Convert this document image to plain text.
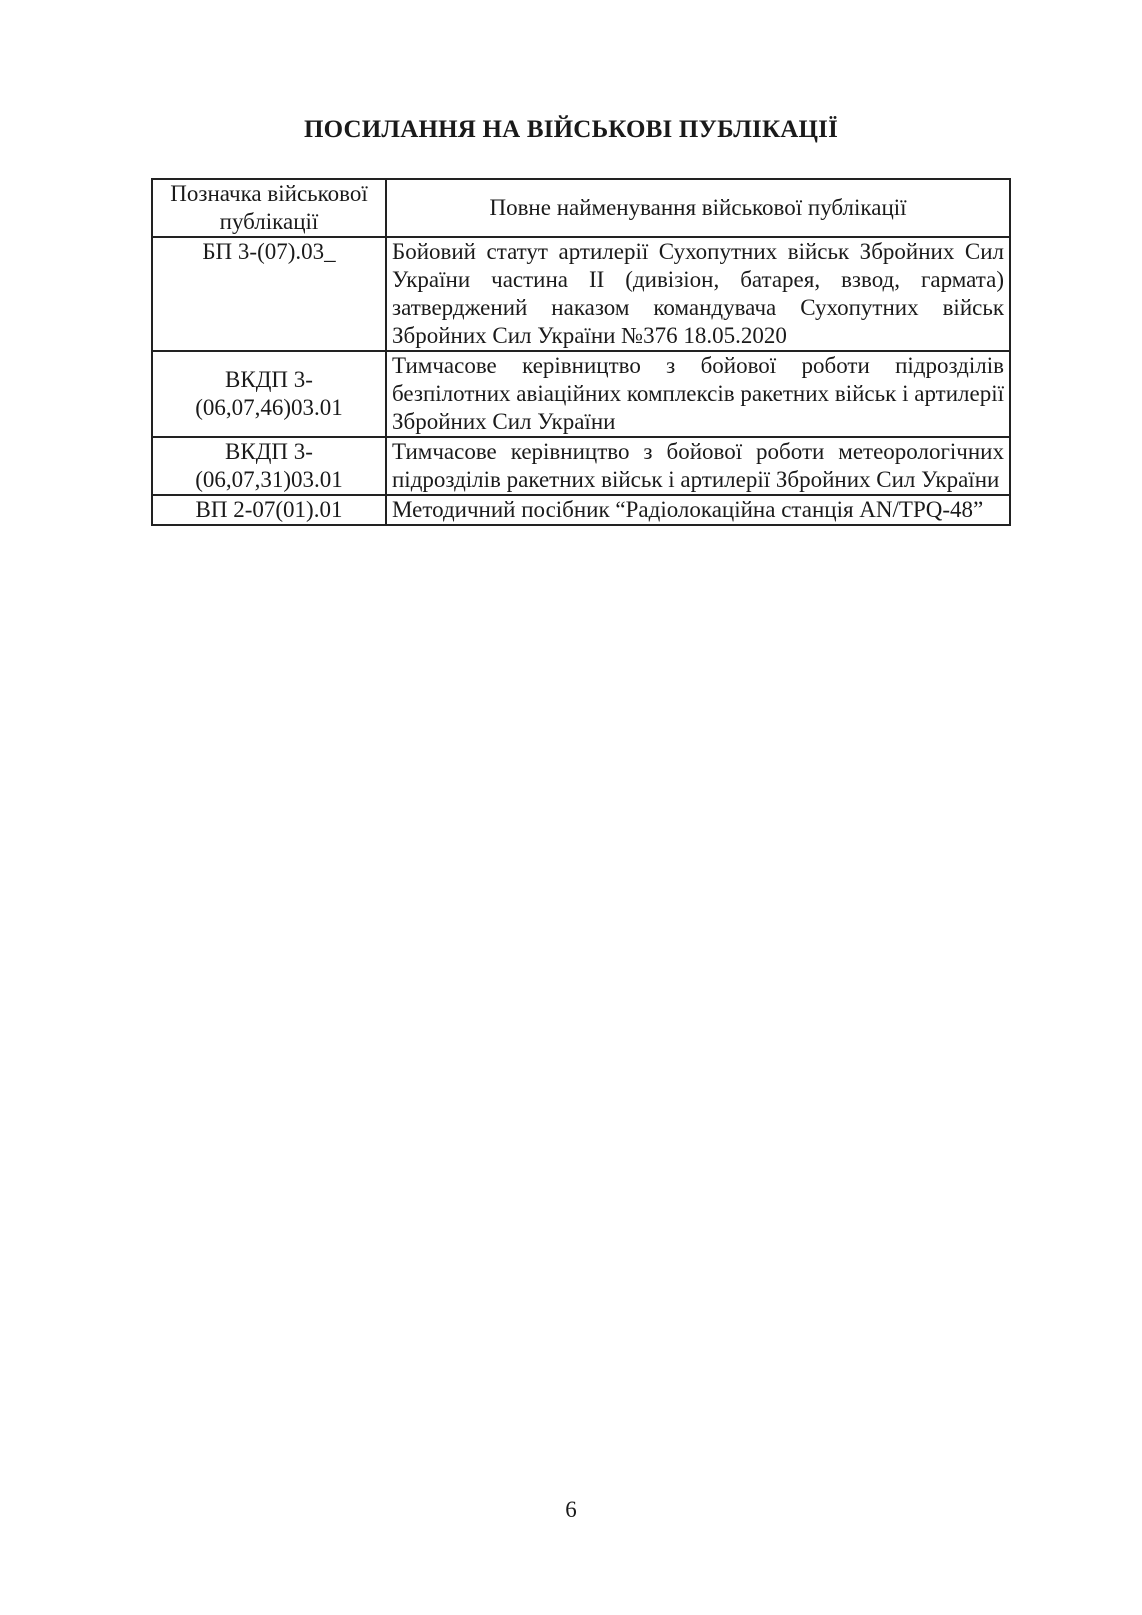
ПОСИЛАННЯ НА ВІЙСЬКОВІ ПУБЛІКАЦІЇ
Позначка військової публікації	Повне найменування військової публікації
БП 3-(07).03_	Бойовий статут артилерії Сухопутних військ Збройних Сил України частина ІІ (дивізіон, батарея, взвод, гармата) затверджений наказом командувача Сухопутних військ Збройних Сил України №376 18.05.2020
ВКДП 3-(06,07,46)03.01	Тимчасове керівництво з бойової роботи підрозділів безпілотних авіаційних комплексів ракетних військ і артилерії Збройних Сил України
ВКДП 3-(06,07,31)03.01	Тимчасове керівництво з бойової роботи метеорологічних підрозділів ракетних військ і артилерії Збройних Сил України
ВП 2-07(01).01	Методичний посібник “Радіолокаційна станція AN/TPQ-48”
6
